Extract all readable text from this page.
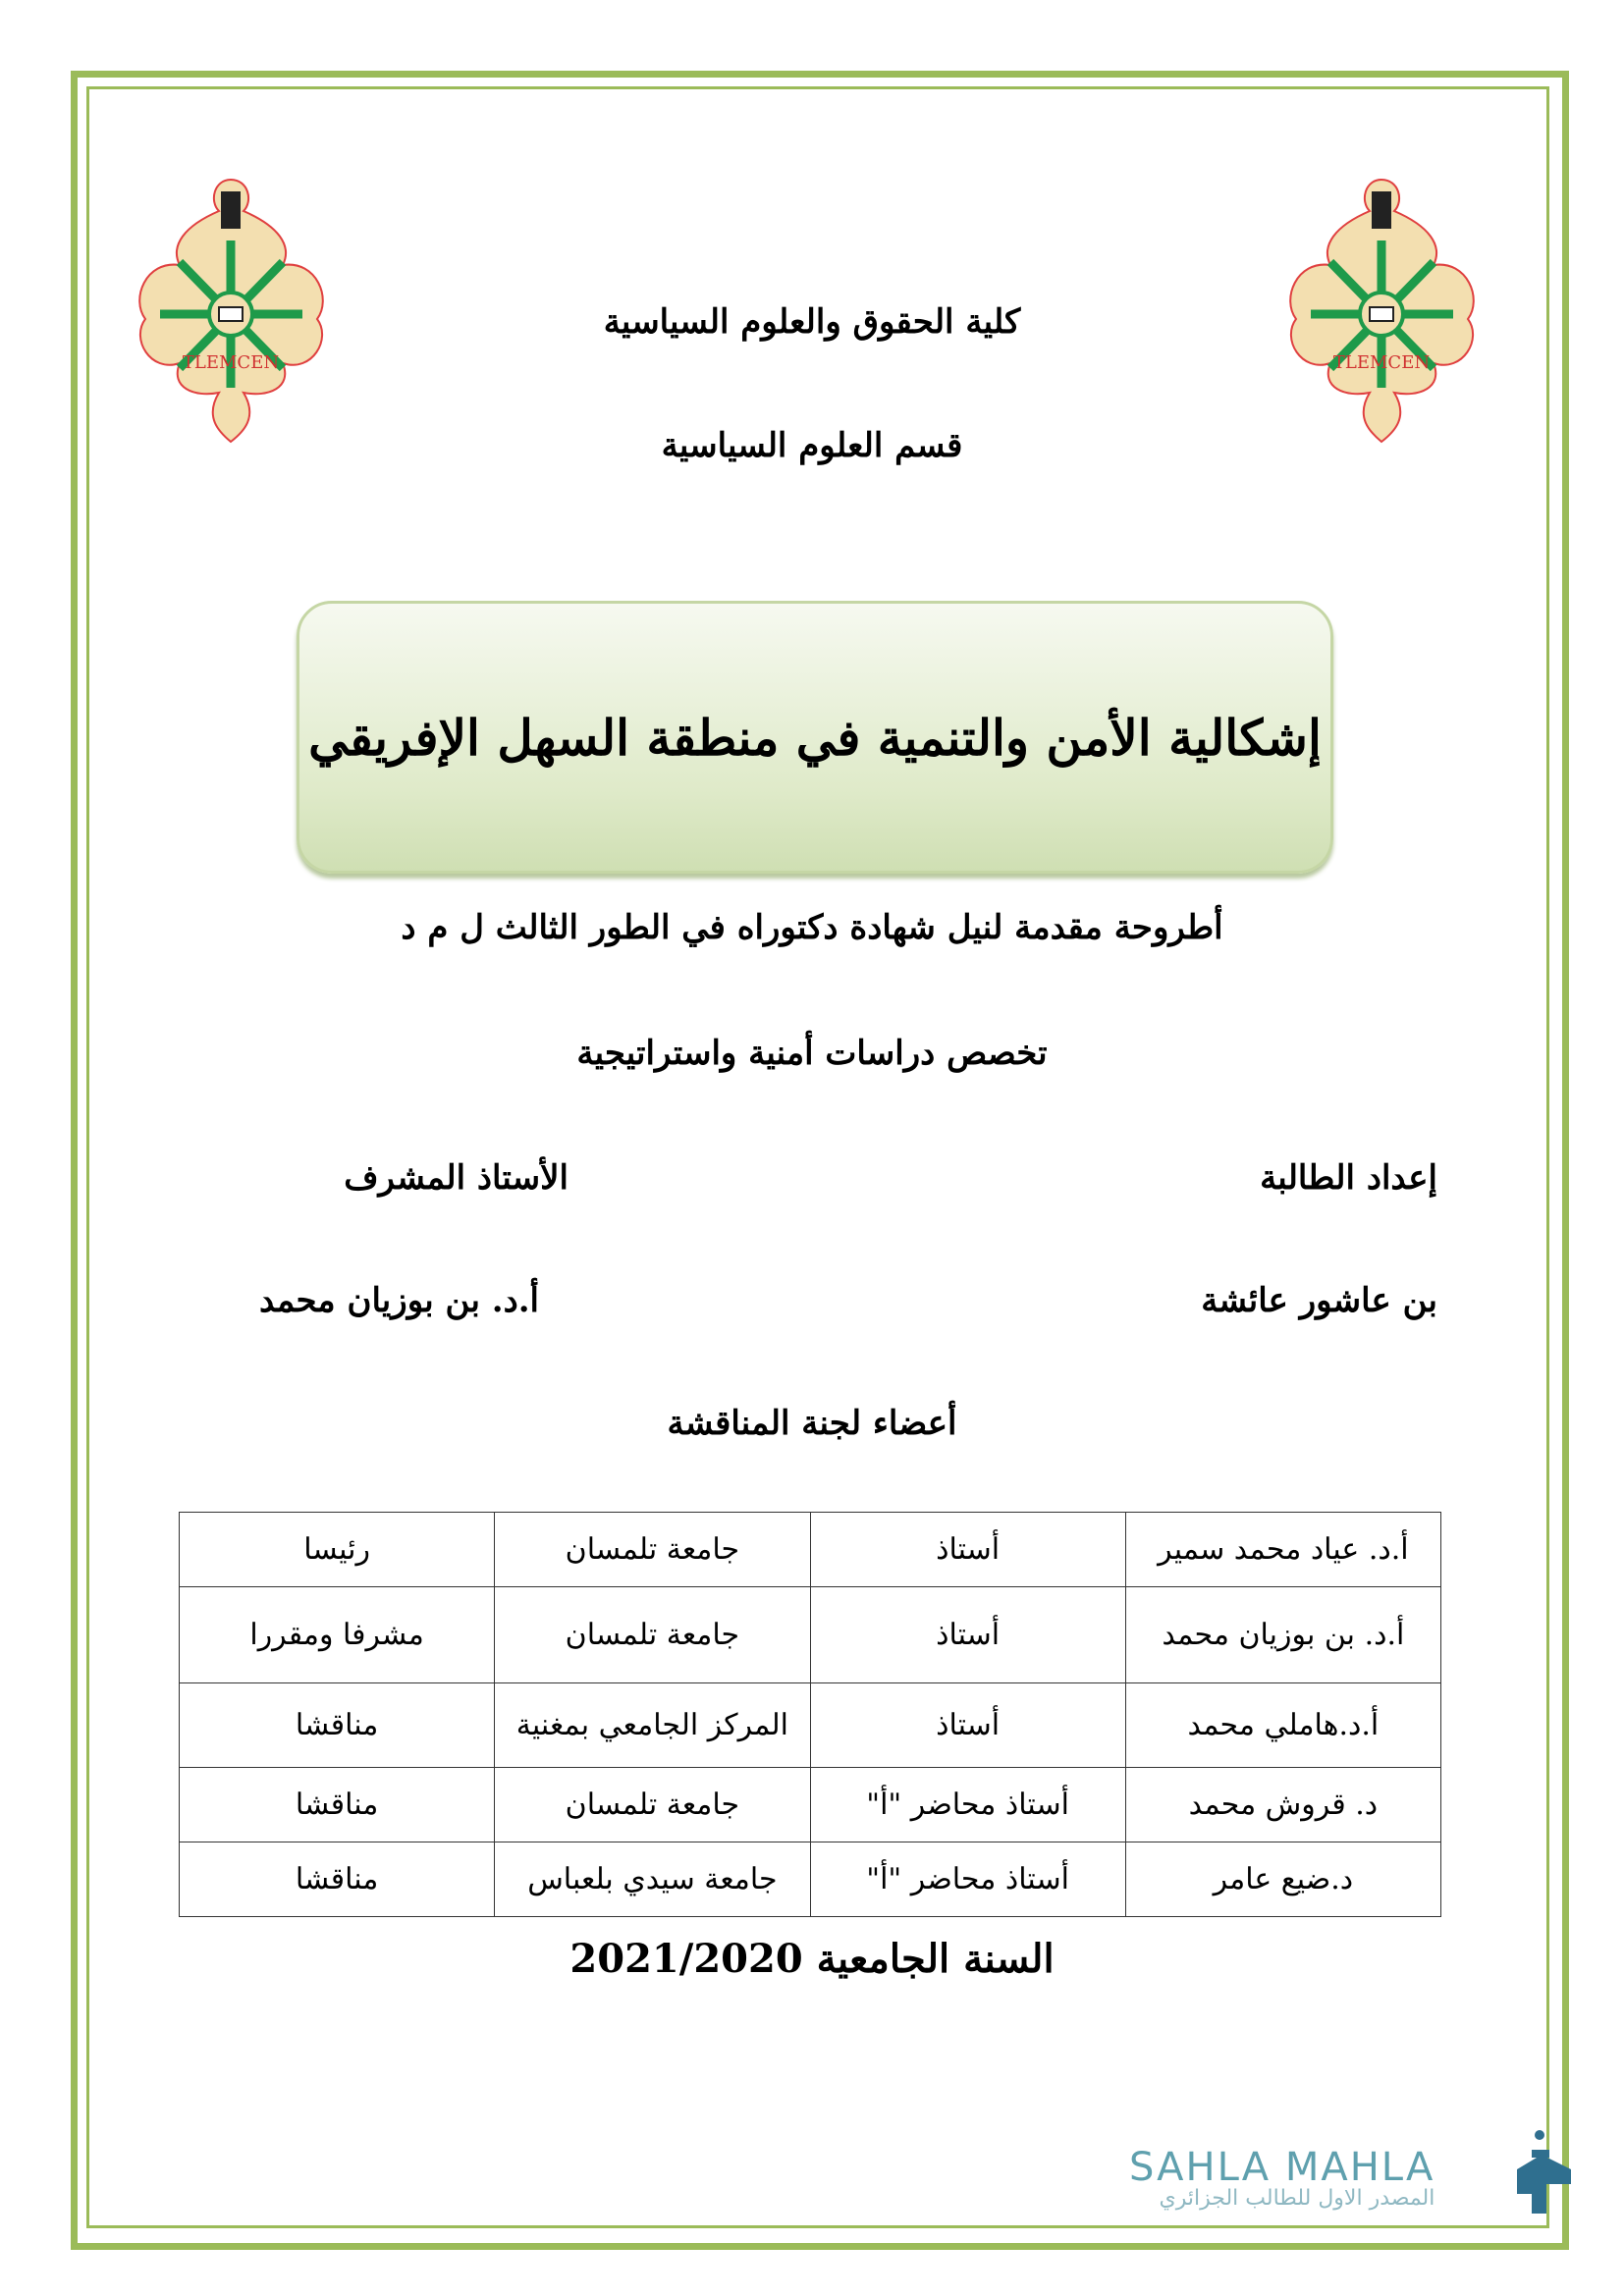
TLEMCEN	TLEMCEN
كلية الحقوق والعلوم السياسية
قسم العلوم السياسية
إشكالية الأمن والتنمية في منطقة السهل الإفريقي
أطروحة مقدمة لنيل شهادة دكتوراه في الطور الثالث ل م د
تخصص دراسات أمنية واستراتيجية
إعداد الطالبة
الأستاذ المشرف
بن عاشور عائشة
أ.د. بن بوزيان محمد
أعضاء لجنة المناقشة
أ.د. عياد محمد سمير	أستاذ	جامعة تلمسان	رئيسا
أ.د. بن بوزيان محمد	أستاذ	جامعة تلمسان	مشرفا ومقررا
أ.د.هاملي محمد	أستاذ	المركز الجامعي بمغنية	مناقشا
د. قروش محمد	أستاذ محاضر "أ"	جامعة تلمسان	مناقشا
د.ضيع عامر	أستاذ محاضر "أ"	جامعة سيدي بلعباس	مناقشا
السنة الجامعية 2021/2020
SAHLA MAHLA
المصدر الاول للطالب الجزائري
